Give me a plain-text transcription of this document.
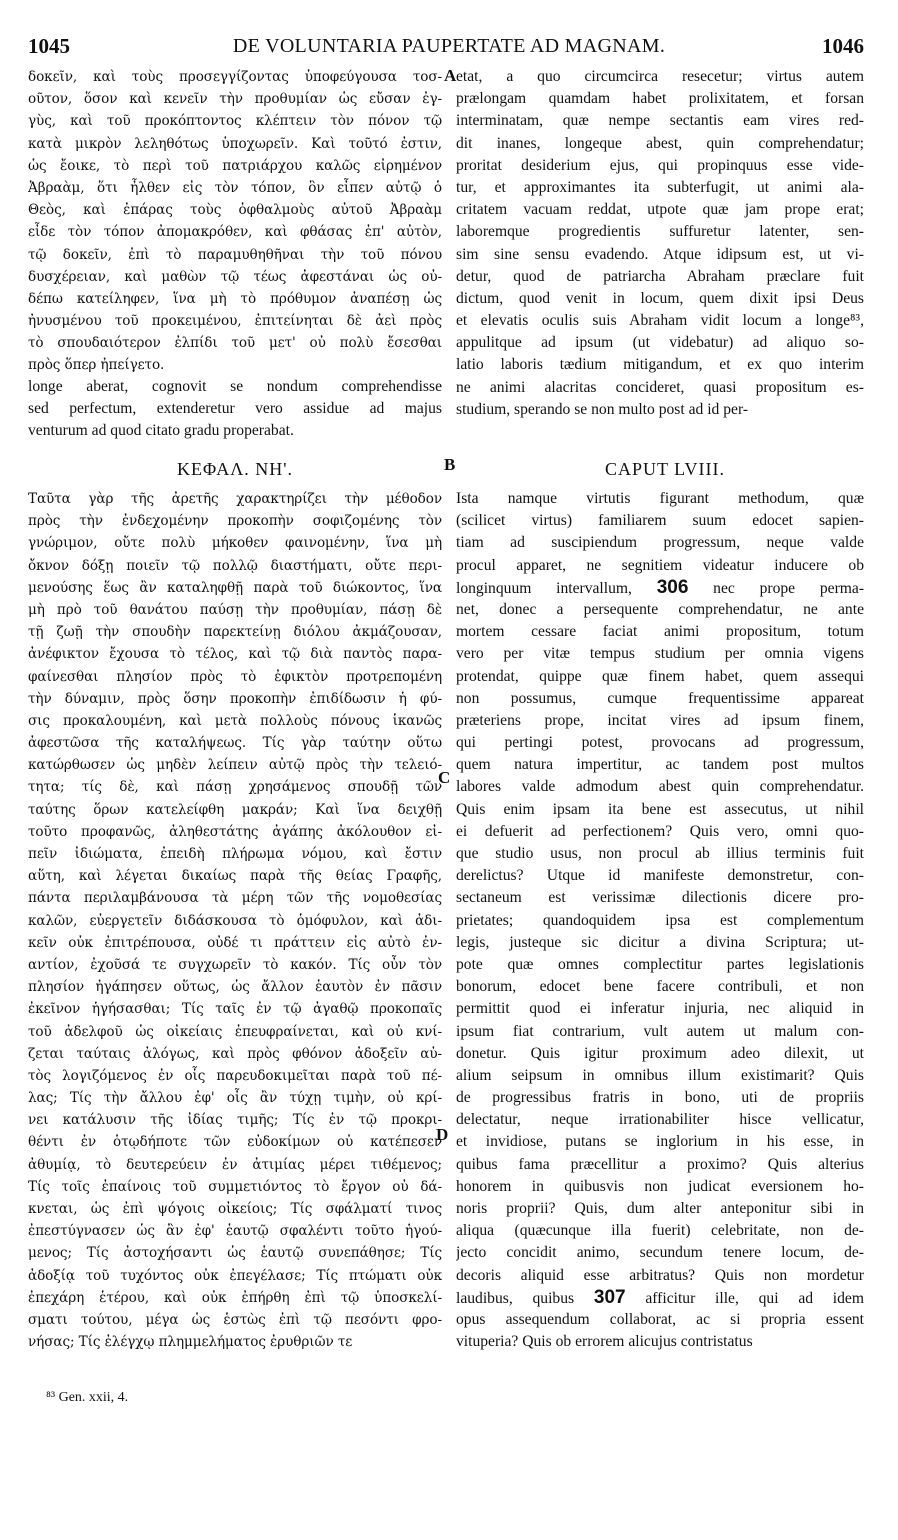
1045	DE VOLUNTARIA PAUPERTATE AD MAGNAM.	1046
δοκεῖν, καὶ τοὺς προσεγγίζοντας ὑποφεύγουσα τοσ-
οῦτον, ὅσον καὶ κενεῖν τὴν προθυμίαν ὡς εὔσαν ἐγ-
γὺς, καὶ τοῦ προκόπτοντος κλέπτειν τὸν πόνον τῷ
κατὰ μικρὸν λεληθότως ὑποχωρεῖν. Καὶ τοῦτό ἐστιν,
ὡς ἔοικε, τὸ περὶ τοῦ πατριάρχου καλῶς εἰρημένον
Ἀβραὰμ, ὅτι ἦλθεν εἰς τὸν τόπον, ὃν εἶπεν αὐτῷ ὁ
Θεὸς, καὶ ἐπάρας τοὺς ὀφθαλμοὺς αὐτοῦ Ἀβραὰμ
εἶδε τὸν τόπον ἀπομακρόθεν, καὶ φθάσας ἐπ' αὐτὸν,
τῷ δοκεῖν, ἐπὶ τὸ παραμυθηθῆναι τὴν τοῦ πόνου
δυσχέρειαν, καὶ μαθὼν τῷ τέως ἀφεστάναι ὡς οὐ-
δέπω κατείληφεν, ἵνα μὴ τὸ πρόθυμον ἀναπέσῃ ὡς
ἠνυσμένου τοῦ προκειμένου, ἐπιτείνηται δὲ ἀεὶ πρὸς
τὸ σπουδαιότερον ἐλπίδι τοῦ μετ' οὐ πολὺ ἔσεσθαι
πρὸς ὅπερ ἠπείγετο.
longe aberat, cognovit se nondum comprehendisse
sed perfectum, extenderetur vero assidue ad majus
venturum ad quod citato gradu properabat.
etat, a quo circumcirca resecetur; virtus autem
prælongam quamdam habet prolixitatem, et forsan
interminatam, quæ nempe sectantis eam vires red-
dit inanes, longeque abest, quin comprehendatur;
proritat desiderium ejus, qui propinquus esse vide-
tur, et approximantes ita subterfugit, ut animi ala-
critatem vacuam reddat, utpote quæ jam prope erat;
laboremque progredientis suffuretur latenter, sen-
sim sine sensu evadendo. Atque idipsum est, ut vi-
detur, quod de patriarcha Abraham præclare fuit
dictum, quod venit in locum, quem dixit ipsi Deus
et elevatis oculis suis Abraham vidit locum a longe⁸³,
appulitque ad ipsum (ut videbatur) ad aliquo so-
latio laboris tædium mitigandum, et ex quo interim
ne animi alacritas concideret, quasi propositum es-
studium, sperando se non multo post ad id per-
ΚΕΦΑΛ. ΝΗ'.	CAPUT LVIII.
Ταῦτα γὰρ τῆς ἀρετῆς χαρακτηρίζει τὴν μέθοδον
πρὸς τὴν ἐνδεχομένην προκοπὴν σοφιζομένης τὸν
γνώριμον, οὔτε πολὺ μήκοθεν φαινομένην, ἵνα μὴ
ὄκνον δόξῃ ποιεῖν τῷ πολλῷ διαστήματι, οὔτε περι-
μενούσης ἕως ἂν καταληφθῇ παρὰ τοῦ διώκοντος, ἵνα
μὴ πρὸ τοῦ θανάτου παύσῃ τὴν προθυμίαν, πάσῃ δὲ
τῇ ζωῇ τὴν σπουδὴν παρεκτείνῃ διόλου ἀκμάζουσαν,
ἀνέφικτον ἔχουσα τὸ τέλος, καὶ τῷ διὰ παντὸς παρα-
φαίνεσθαι πλησίον πρὸς τὸ ἐφικτὸν προτρεπομένη
τὴν δύναμιν, πρὸς ὅσην προκοπὴν ἐπιδίδωσιν ἡ φύ-
σις προκαλουμένη, καὶ μετὰ πολλοὺς πόνους ἱκανῶς
ἀφεστῶσα τῆς καταλήψεως. Τίς γὰρ ταύτην οὕτω
κατώρθωσεν ὡς μηδὲν λείπειν αὐτῷ πρὸς τὴν τελειό-
τητα; τίς δὲ, καὶ πάσῃ χρησάμενος σπουδῇ τῶν
ταύτης ὅρων κατελείφθη μακράν; Καὶ ἵνα δειχθῇ
τοῦτο προφανῶς, ἀληθεστάτης ἀγάπης ἀκόλουθον εἰ-
πεῖν ἰδιώματα, ἐπειδὴ πλήρωμα νόμου, καὶ ἔστιν
αὕτη, καὶ λέγεται δικαίως παρὰ τῆς θείας Γραφῆς,
πάντα περιλαμβάνουσα τὰ μέρη τῶν τῆς νομοθεσίας
καλῶν, εὐεργετεῖν διδάσκουσα τὸ ὁμόφυλον, καὶ ἀδι-
κεῖν οὐκ ἐπιτρέπουσα, οὐδέ τι πράττειν εἰς αὐτὸ ἐν-
αντίον, ἐχοῦσά τε συγχωρεῖν τὸ κακόν. Τίς οὖν τὸν
πλησίον ἠγάπησεν οὕτως, ὡς ἄλλον ἑαυτὸν ἐν πᾶσιν
ἐκεῖνον ἡγήσασθαι; Τίς ταῖς ἐν τῷ ἀγαθῷ προκοπαῖς
τοῦ ἀδελφοῦ ὡς οἰκείαις ἐπευφραίνεται, καὶ οὐ κνί-
ζεται ταύταις ἀλόγως, καὶ πρὸς φθόνον ἀδοξεῖν αὐ-
τὸς λογιζόμενος ἐν οἷς παρευδοκιμεῖται παρὰ τοῦ πέ-
λας; Τίς τὴν ἄλλου ἐφ' οἷς ἂν τύχῃ τιμὴν, οὐ κρί-
νει κατάλυσιν τῆς ἰδίας τιμῆς; Τίς ἐν τῷ προκρι-
θέντι ἐν ὁτῳδήποτε τῶν εὐδοκίμων οὐ κατέπεσεν
ἀθυμίᾳ, τὸ δευτερεύειν ἐν ἀτιμίας μέρει τιθέμενος;
Τίς τοῖς ἐπαίνοις τοῦ συμμετιόντος τὸ ἔργον οὐ δά-
κνεται, ὡς ἐπὶ ψόγοις οἰκείοις; Τίς σφάλματί τινος
ἐπεστύγνασεν ὡς ἂν ἐφ' ἑαυτῷ σφαλέντι τοῦτο ἡγού-
μενος; Τίς ἀστοχήσαντι ὡς ἑαυτῷ συνεπάθησε; Τίς
ἀδοξίᾳ τοῦ τυχόντος οὐκ ἐπεγέλασε; Τίς πτώματι οὐκ
ἐπεχάρη ἑτέρου, καὶ οὐκ ἐπήρθη ἐπὶ τῷ ὑποσκελί-
σματι τούτου, μέγα ὡς ἑστὼς ἐπὶ τῷ πεσόντι φρο-
νήσας; Τίς ἐλέγχῳ πλημμελήματος ἐρυθριῶν τε
Ista namque virtutis figurant methodum, quæ
(scilicet virtus) familiarem suum edocet sapien-
tiam ad suscipiendum progressum, neque valde
procul apparet, ne segnitiem videatur inducere ob
longinquum intervallum, 306 nec prope perma-
net, donec a persequente comprehendatur, ne ante
mortem cessare faciat animi propositum, totum
vero per vitæ tempus studium per omnia vigens
protendat, quippe quæ finem habet, quem assequi
non possumus, cumque frequentissime appareat
præteriens prope, incitat vires ad ipsum finem,
qui pertingi potest, provocans ad progressum,
quem natura impertitur, ac tandem post multos
labores valde admodum abest quin comprehendatur.
Quis enim ipsam ita bene est assecutus, ut nihil
ei defuerit ad perfectionem? Quis vero, omni quo-
que studio usus, non procul ab illius terminis fuit
derelictus? Utque id manifeste demonstretur, con-
sectaneum est verissimæ dilectionis dicere pro-
prietates; quandoquidem ipsa est complementum
legis, justeque sic dicitur a divina Scriptura; ut-
pote quæ omnes complectitur partes legislationis
bonorum, edocet bene facere contribuli, et non
permittit quod ei inferatur injuria, nec aliquid in
ipsum fiat contrarium, vult autem ut malum con-
donetur. Quis igitur proximum adeo dilexit, ut
alium seipsum in omnibus illum existimarit? Quis
de progressibus fratris in bono, uti de propriis
delectatur, neque irrationabiliter hisce vellicatur,
et invidiose, putans se inglorium in his esse, in
quibus fama præcellitur a proximo? Quis alterius
honorem in quibusvis non judicat eversionem ho-
noris proprii? Quis, dum alter anteponitur sibi in
aliqua (quæcunque illa fuerit) celebritate, non de-
jecto concidit animo, secundum tenere locum, de-
decoris aliquid esse arbitratus? Quis non mordetur
laudibus, quibus 307 afficitur ille, qui ad idem
opus assequendum collaborat, ac si propria essent
vituperia? Quis ob errorem alicujus contristatus
A
B
C
D
⁸³ Gen. xxii, 4.
